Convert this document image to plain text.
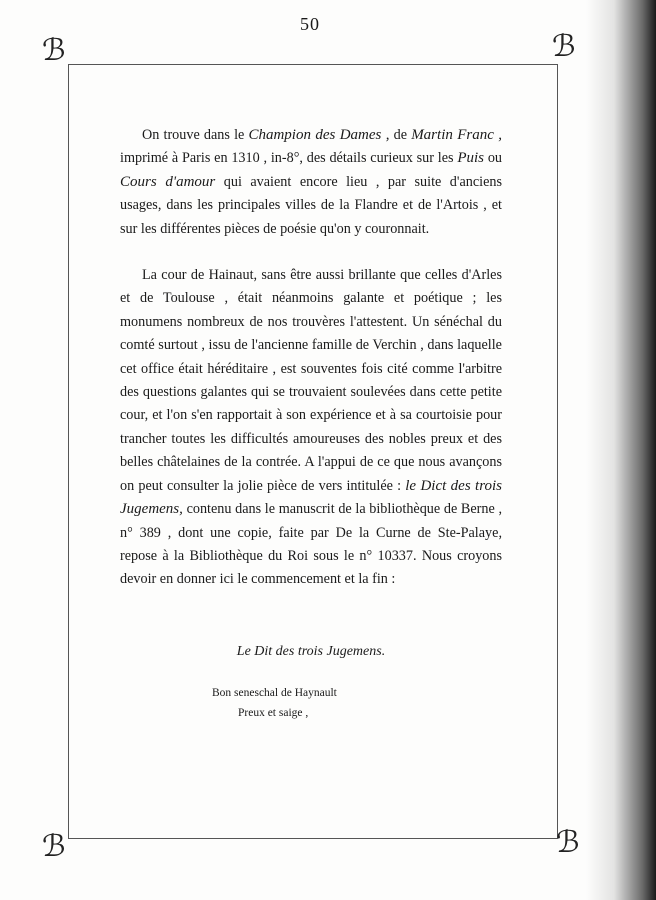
50
ℬ	ℬ
ℬ	ℬ

On trouve dans le Champion des Dames , de Martin Franc , imprimé à Paris en 1310 , in-8°, des détails curieux sur les Puis ou Cours d'amour qui avaient encore lieu , par suite d'anciens usages, dans les principales villes de la Flandre et de l'Artois , et sur les différentes pièces de poésie qu'on y couronnait.

La cour de Hainaut, sans être aussi brillante que celles d'Arles et de Toulouse , était néanmoins galante et poétique ; les monumens nombreux de nos trouvères l'attestent. Un sénéchal du comté surtout , issu de l'ancienne famille de Verchin , dans laquelle cet office était héréditaire , est souventes fois cité comme l'arbitre des questions galantes qui se trouvaient soulevées dans cette petite cour, et l'on s'en rapportait à son expérience et à sa courtoisie pour trancher toutes les difficultés amoureuses des nobles preux et des belles châtelaines de la contrée. A l'appui de ce que nous avançons on peut consulter la jolie pièce de vers intitulée : le Dict des trois Jugemens, contenu dans le manuscrit de la bibliothèque de Berne , n° 389 , dont une copie, faite par De la Curne de Ste-Palaye, repose à la Bibliothèque du Roi sous le n° 10337. Nous croyons devoir en donner ici le commencement et la fin :

Le Dit des trois Jugemens.
Bon seneschal de Haynault
Preux et saige ,
